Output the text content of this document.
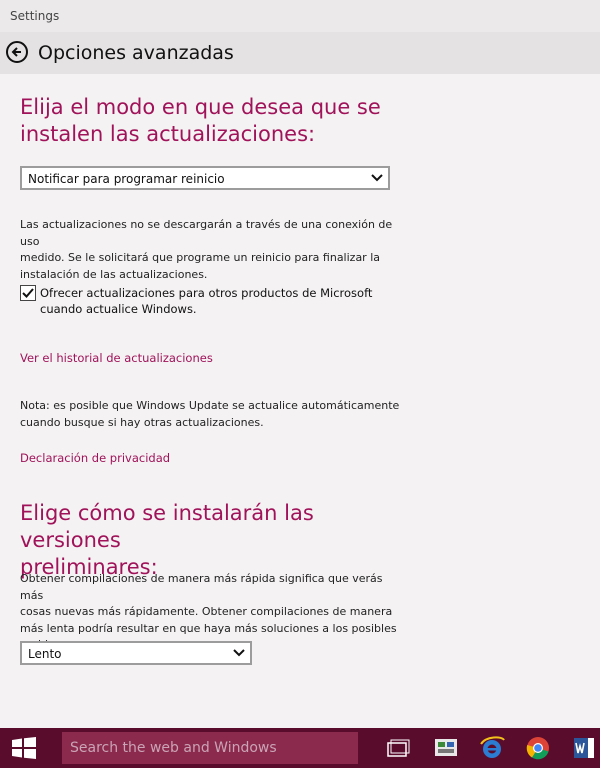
Settings
Opciones avanzadas
Elija el modo en que desea que se
instalen las actualizaciones:
Notificar para programar reinicio
Las actualizaciones no se descargarán a través de una conexión de uso
medido. Se le solicitará que programe un reinicio para finalizar la
instalación de las actualizaciones.
Ofrecer actualizaciones para otros productos de Microsoft
cuando actualice Windows.
Ver el historial de actualizaciones
Nota: es posible que Windows Update se actualice automáticamente
cuando busque si hay otras actualizaciones.
Declaración de privacidad
Elige cómo se instalarán las versiones
preliminares:
Obtener compilaciones de manera más rápida significa que verás más
cosas nuevas más rápidamente. Obtener compilaciones de manera
más lenta podría resultar en que haya más soluciones a los posibles
Lento
Search the web and Windows
